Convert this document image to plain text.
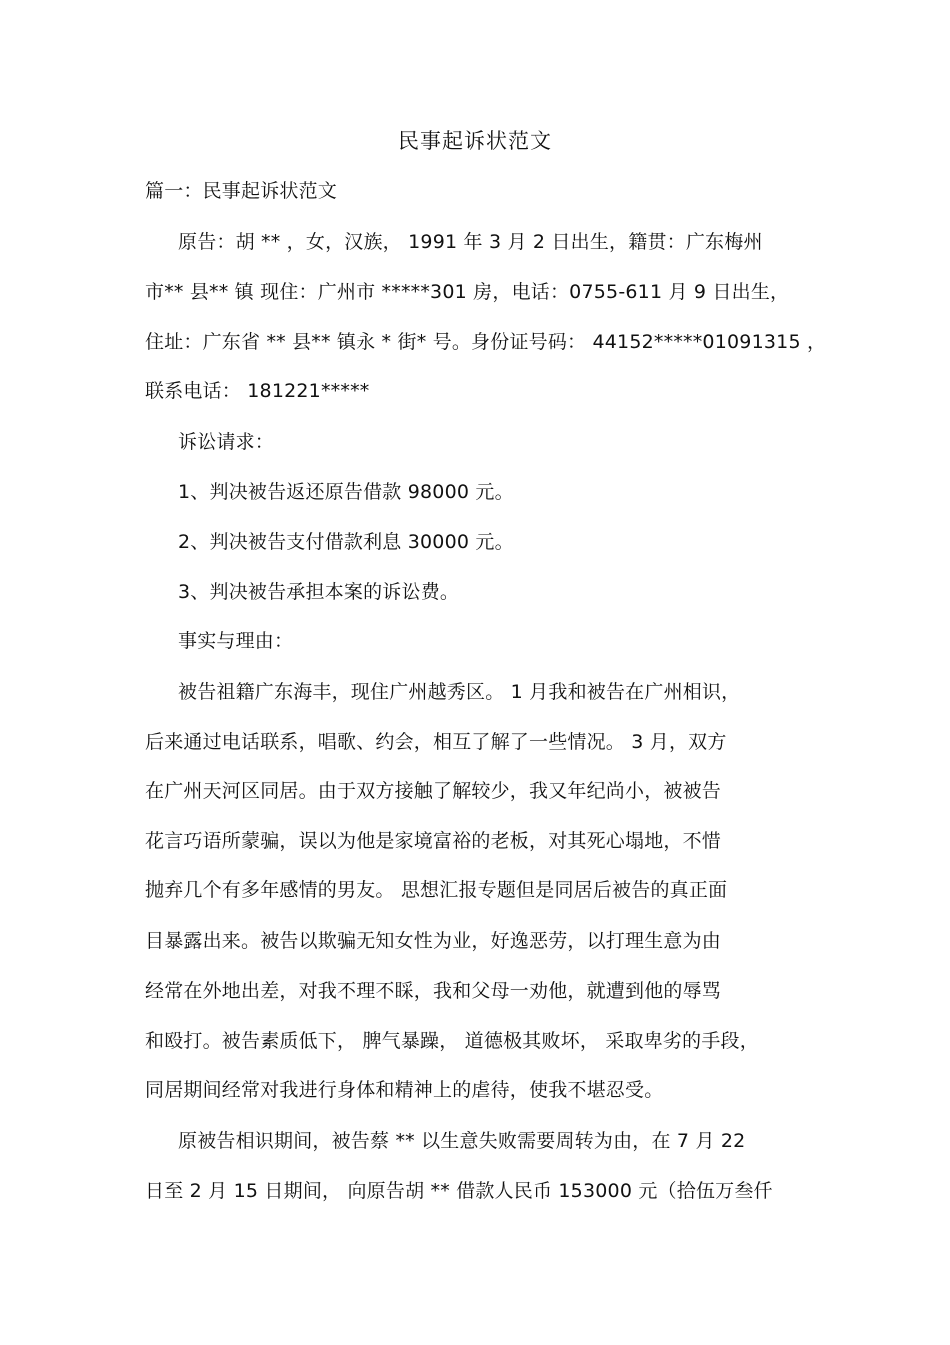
民事起诉状范文
篇一：民事起诉状范文
原告：胡 ** ，女，汉族， 1991 年 3 月 2 日出生，籍贯：广东梅州
市** 县** 镇 现住：广州市 *****301 房，电话：0755-611 月 9 日出生，
住址：广东省 ** 县** 镇永 * 街* 号。身份证号码： 44152*****01091315 ，
联系电话： 181221*****
诉讼请求：
1、判决被告返还原告借款 98000 元。
2、判决被告支付借款利息 30000 元。
3、判决被告承担本案的诉讼费。
事实与理由：
被告祖籍广东海丰，现住广州越秀区。 1 月我和被告在广州相识，
后来通过电话联系，唱歌、约会，相互了解了一些情况。 3 月，双方
在广州天河区同居。由于双方接触了解较少，我又年纪尚小，被被告
花言巧语所蒙骗，误以为他是家境富裕的老板，对其死心塌地，不惜
抛弃几个有多年感情的男友。 思想汇报专题但是同居后被告的真正面
目暴露出来。被告以欺骗无知女性为业，好逸恶劳，以打理生意为由
经常在外地出差，对我不理不睬，我和父母一劝他，就遭到他的辱骂
和殴打。被告素质低下， 脾气暴躁， 道德极其败坏， 采取卑劣的手段，
同居期间经常对我进行身体和精神上的虐待，使我不堪忍受。
原被告相识期间，被告蔡 ** 以生意失败需要周转为由，在 7 月 22
日至 2 月 15 日期间， 向原告胡 ** 借款人民币 153000 元（拾伍万叁仟
